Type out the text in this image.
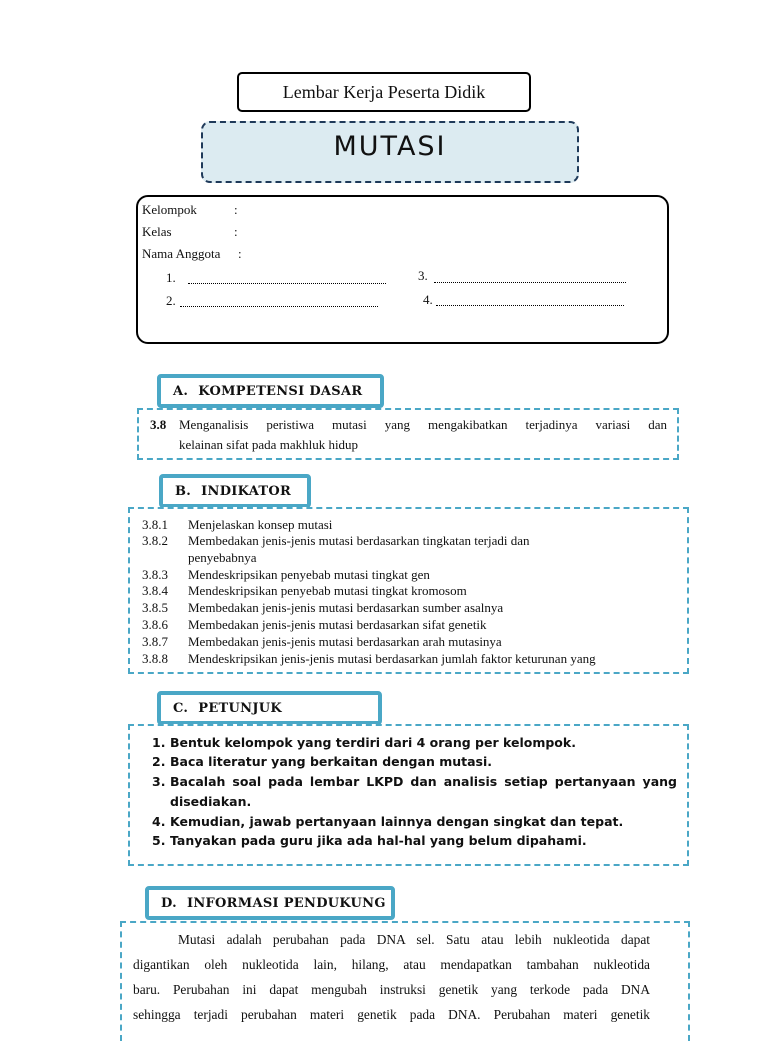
Lembar Kerja Peserta Didik
MUTASI
Kelompok	:
Kelas	:
Nama Anggota :
1.
2.
3.
4.
A. KOMPETENSI DASAR
3.8 Menganalisis peristiwa mutasi yang mengakibatkan terjadinya variasi dan
kelainan sifat pada makhluk hidup
B. INDIKATOR
3.8.1	Menjelaskan konsep mutasi
3.8.2	Membedakan jenis-jenis mutasi berdasarkan tingkatan terjadi dan
penyebabnya
3.8.3	Mendeskripsikan penyebab mutasi tingkat gen
3.8.4	Mendeskripsikan penyebab mutasi tingkat kromosom
3.8.5	Membedakan jenis-jenis mutasi berdasarkan sumber asalnya
3.8.6	Membedakan jenis-jenis mutasi berdasarkan sifat genetik
3.8.7	Membedakan jenis-jenis mutasi berdasarkan arah mutasinya
3.8.8	Mendeskripsikan jenis-jenis mutasi berdasarkan jumlah faktor keturunan yang
C. PETUNJUK
1. Bentuk kelompok yang terdiri dari 4 orang per kelompok.
2. Baca literatur yang berkaitan dengan mutasi.
3. Bacalah soal pada lembar LKPD dan analisis setiap pertanyaan yang
disediakan.
4. Kemudian, jawab pertanyaan lainnya dengan singkat dan tepat.
5. Tanyakan pada guru jika ada hal-hal yang belum dipahami.
D. INFORMASI PENDUKUNG
Mutasi adalah perubahan pada DNA sel. Satu atau lebih nukleotida dapat
digantikan oleh nukleotida lain, hilang, atau mendapatkan tambahan nukleotida
baru. Perubahan ini dapat mengubah instruksi genetik yang terkode pada DNA
sehingga terjadi perubahan materi genetik pada DNA. Perubahan materi genetik
